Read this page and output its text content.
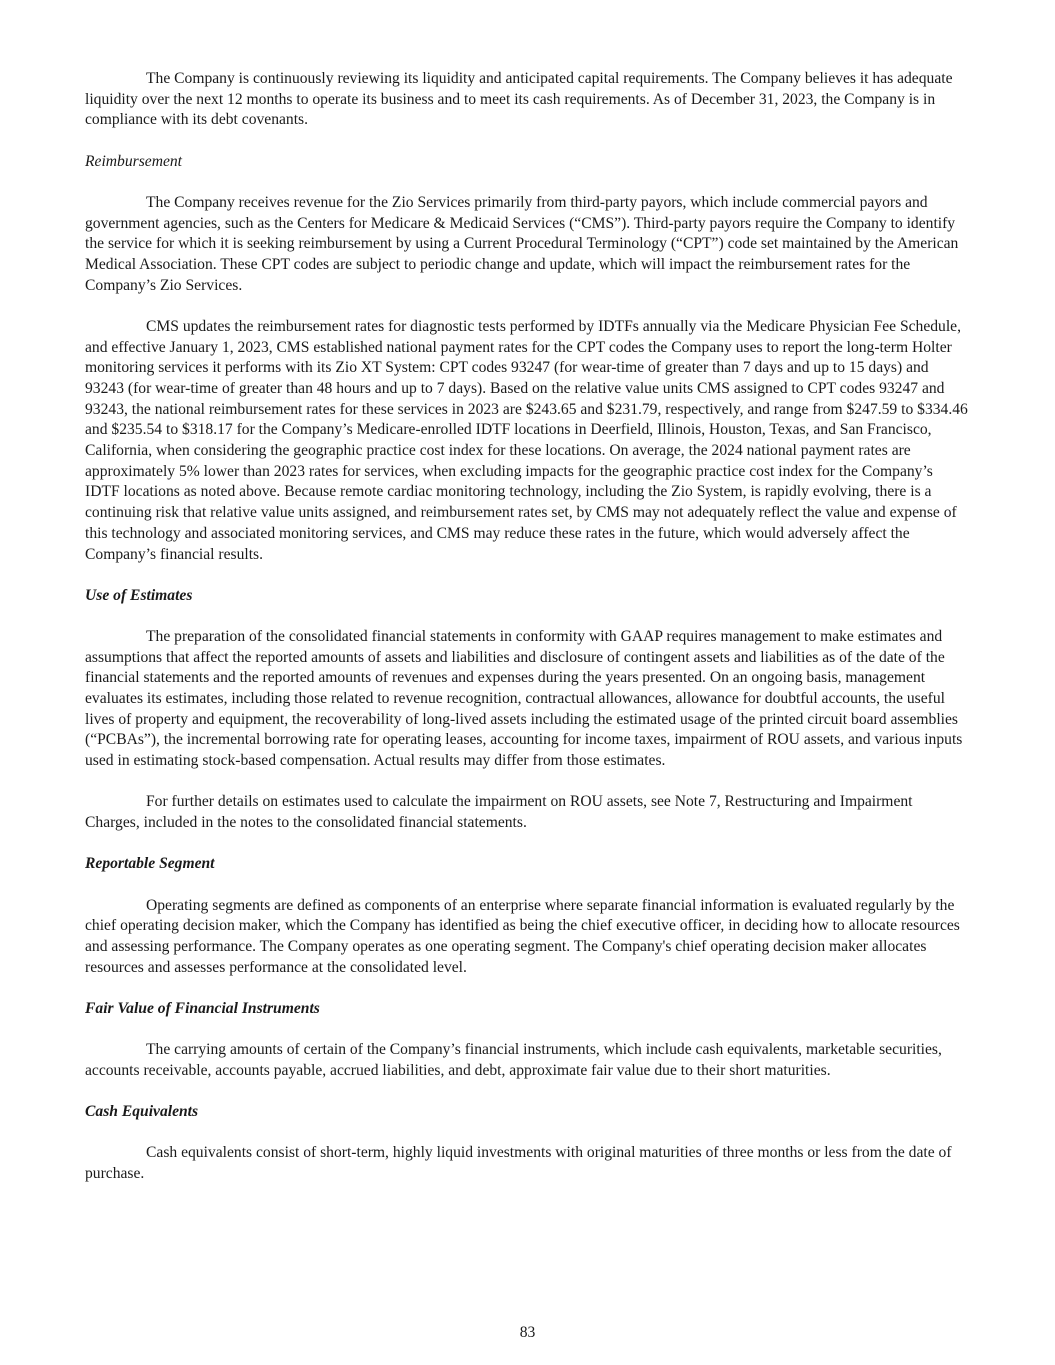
The Company is continuously reviewing its liquidity and anticipated capital requirements. The Company believes it has adequate liquidity over the next 12 months to operate its business and to meet its cash requirements. As of December 31, 2023, the Company is in compliance with its debt covenants.

Reimbursement

The Company receives revenue for the Zio Services primarily from third-party payors, which include commercial payors and government agencies, such as the Centers for Medicare & Medicaid Services (“CMS”). Third-party payors require the Company to identify the service for which it is seeking reimbursement by using a Current Procedural Terminology (“CPT”) code set maintained by the American Medical Association. These CPT codes are subject to periodic change and update, which will impact the reimbursement rates for the Company’s Zio Services.

CMS updates the reimbursement rates for diagnostic tests performed by IDTFs annually via the Medicare Physician Fee Schedule, and effective January 1, 2023, CMS established national payment rates for the CPT codes the Company uses to report the long-term Holter monitoring services it performs with its Zio XT System: CPT codes 93247 (for wear-time of greater than 7 days and up to 15 days) and 93243 (for wear-time of greater than 48 hours and up to 7 days). Based on the relative value units CMS assigned to CPT codes 93247 and 93243, the national reimbursement rates for these services in 2023 are $243.65 and $231.79, respectively, and range from $247.59 to $334.46 and $235.54 to $318.17 for the Company’s Medicare-enrolled IDTF locations in Deerfield, Illinois, Houston, Texas, and San Francisco, California, when considering the geographic practice cost index for these locations. On average, the 2024 national payment rates are approximately 5% lower than 2023 rates for services, when excluding impacts for the geographic practice cost index for the Company’s IDTF locations as noted above. Because remote cardiac monitoring technology, including the Zio System, is rapidly evolving, there is a continuing risk that relative value units assigned, and reimbursement rates set, by CMS may not adequately reflect the value and expense of this technology and associated monitoring services, and CMS may reduce these rates in the future, which would adversely affect the Company’s financial results.

Use of Estimates

The preparation of the consolidated financial statements in conformity with GAAP requires management to make estimates and assumptions that affect the reported amounts of assets and liabilities and disclosure of contingent assets and liabilities as of the date of the financial statements and the reported amounts of revenues and expenses during the years presented. On an ongoing basis, management evaluates its estimates, including those related to revenue recognition, contractual allowances, allowance for doubtful accounts, the useful lives of property and equipment, the recoverability of long-lived assets including the estimated usage of the printed circuit board assemblies (“PCBAs”), the incremental borrowing rate for operating leases, accounting for income taxes, impairment of ROU assets, and various inputs used in estimating stock-based compensation. Actual results may differ from those estimates.

For further details on estimates used to calculate the impairment on ROU assets, see Note 7, Restructuring and Impairment Charges, included in the notes to the consolidated financial statements.

Reportable Segment

Operating segments are defined as components of an enterprise where separate financial information is evaluated regularly by the chief operating decision maker, which the Company has identified as being the chief executive officer, in deciding how to allocate resources and assessing performance. The Company operates as one operating segment. The Company's chief operating decision maker allocates resources and assesses performance at the consolidated level.

Fair Value of Financial Instruments

The carrying amounts of certain of the Company’s financial instruments, which include cash equivalents, marketable securities, accounts receivable, accounts payable, accrued liabilities, and debt, approximate fair value due to their short maturities.

Cash Equivalents

Cash equivalents consist of short-term, highly liquid investments with original maturities of three months or less from the date of purchase.

83
